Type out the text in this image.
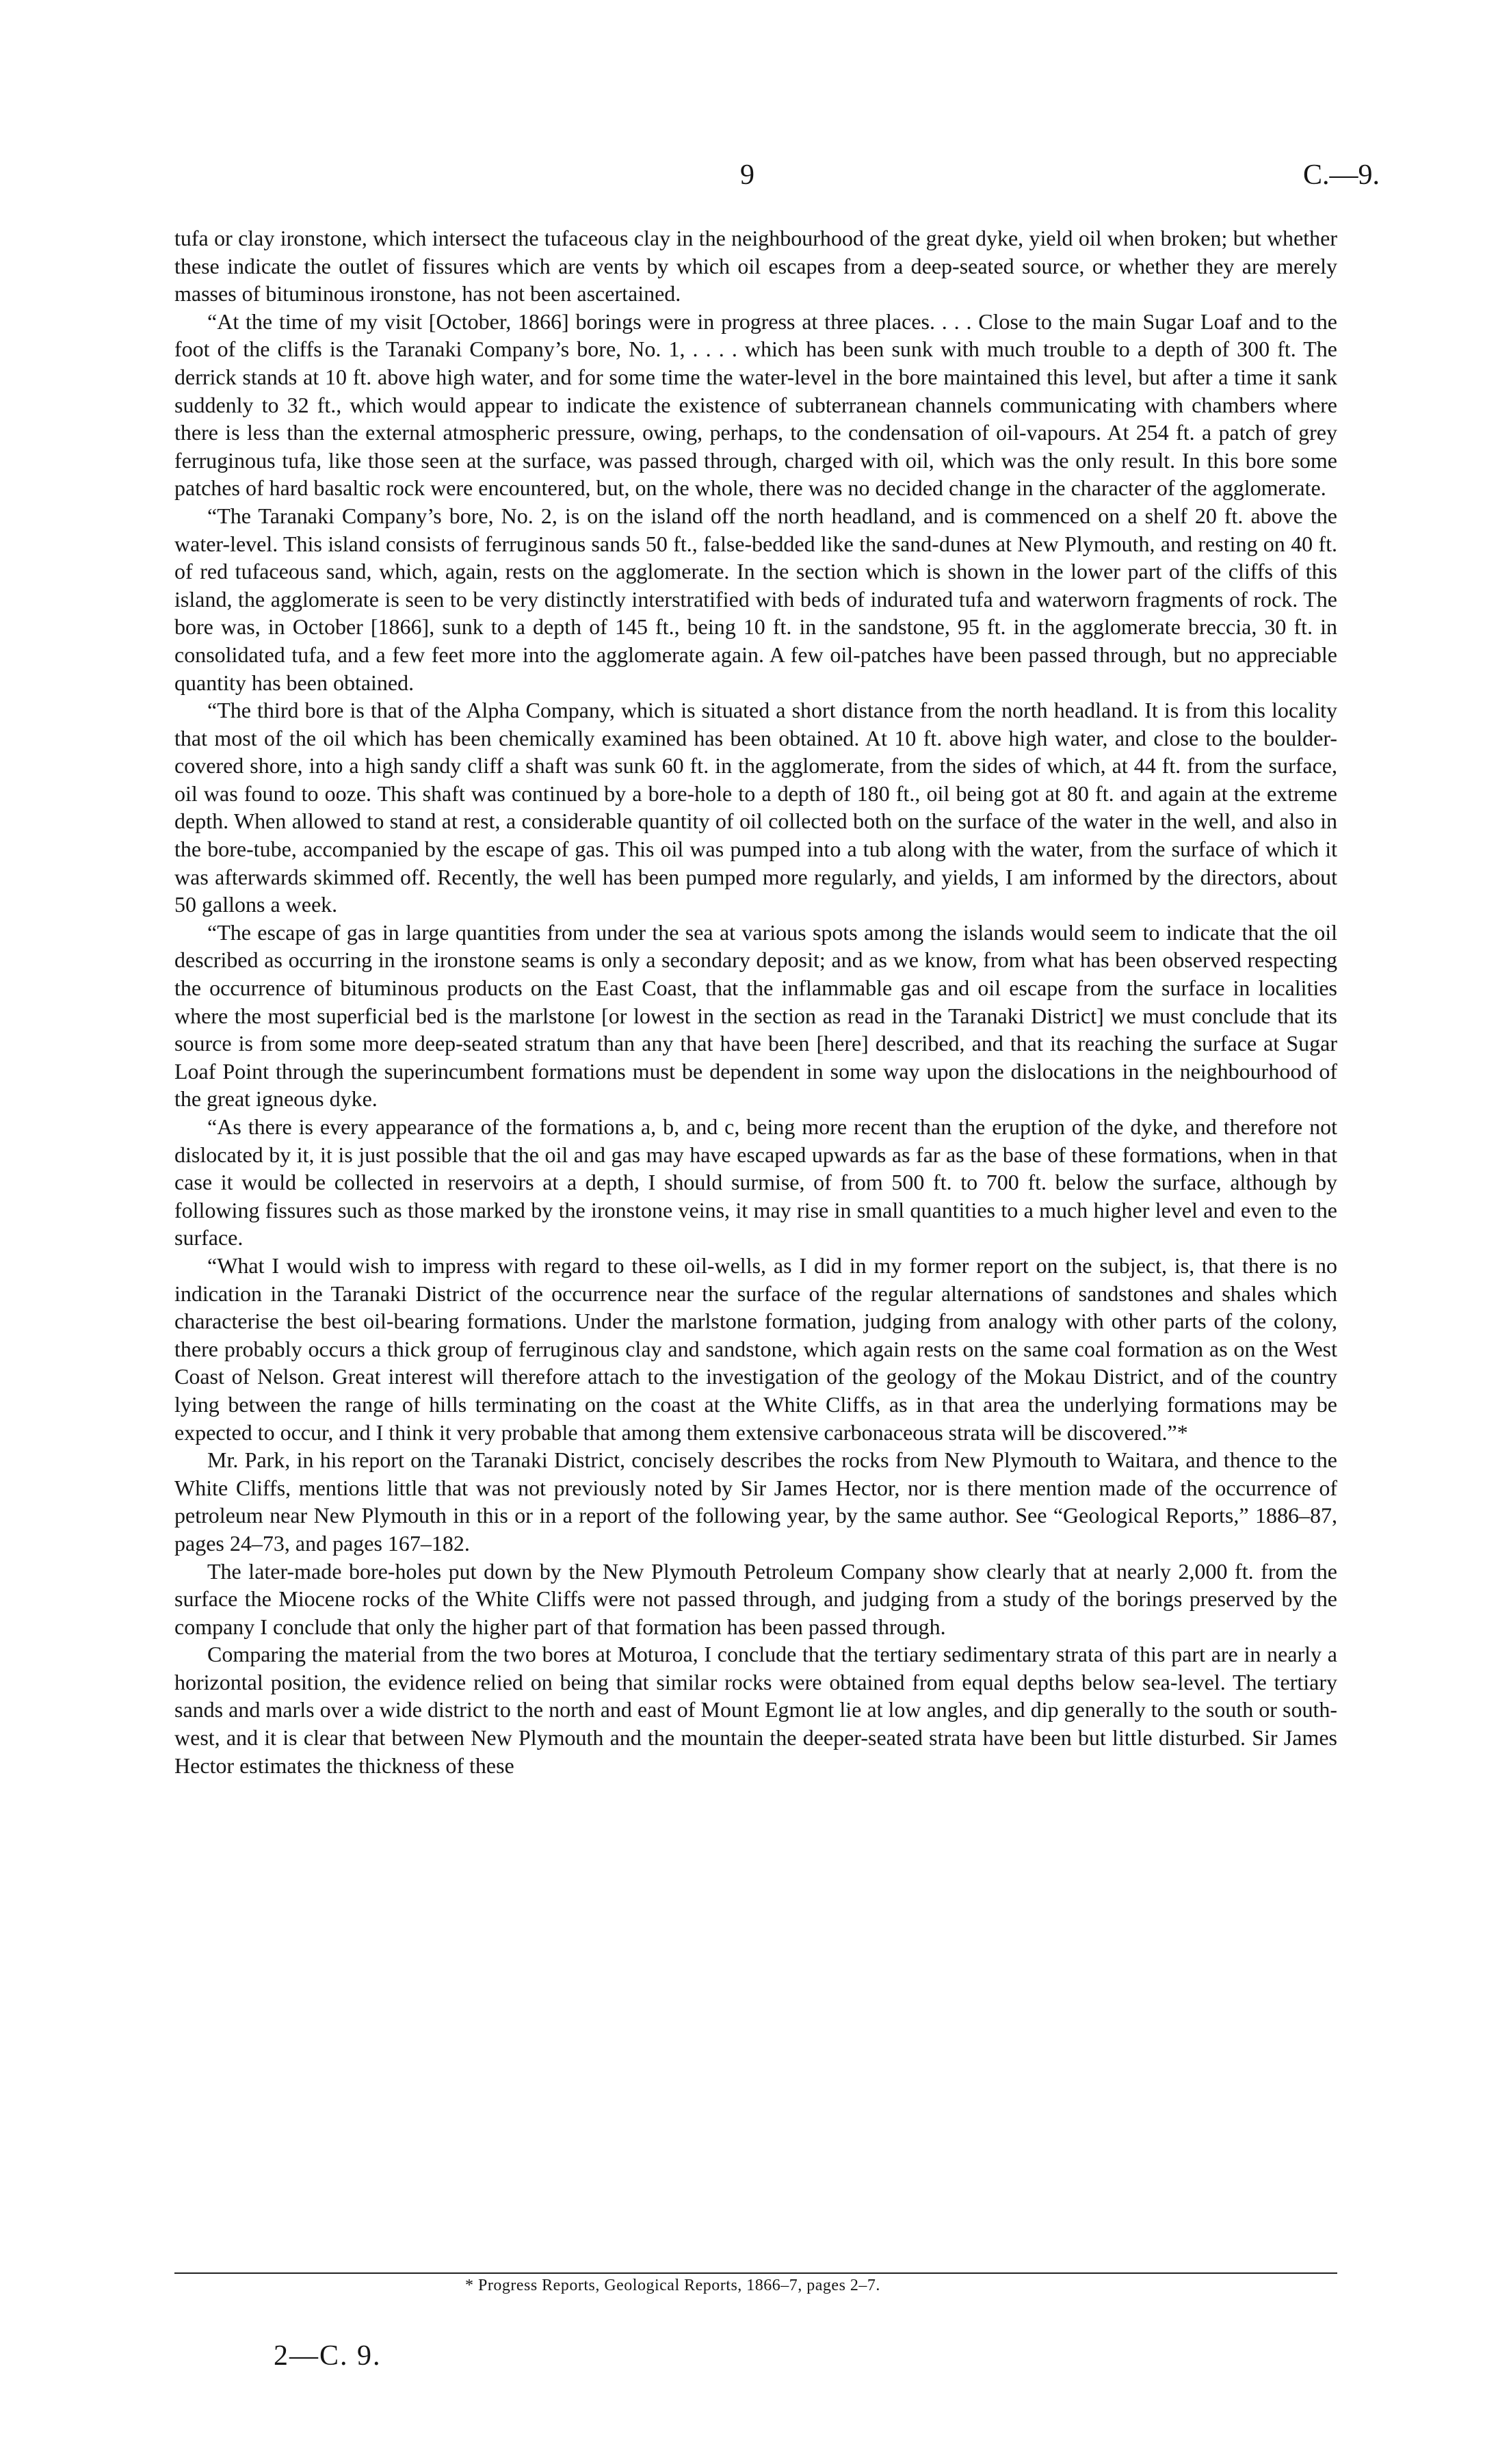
9	C.—9.

tufa or clay ironstone, which intersect the tufaceous clay in the neighbourhood of the great dyke, yield oil when broken; but whether these indicate the outlet of fissures which are vents by which oil escapes from a deep-seated source, or whether they are merely masses of bituminous ironstone, has not been ascertained.

“At the time of my visit [October, 1866] borings were in progress at three places. . . . Close to the main Sugar Loaf and to the foot of the cliffs is the Taranaki Company’s bore, No. 1, . . . . which has been sunk with much trouble to a depth of 300 ft. The derrick stands at 10 ft. above high water, and for some time the water-level in the bore maintained this level, but after a time it sank suddenly to 32 ft., which would appear to indicate the existence of subterranean channels communicating with chambers where there is less than the external atmospheric pressure, owing, perhaps, to the condensation of oil-vapours. At 254 ft. a patch of grey ferruginous tufa, like those seen at the surface, was passed through, charged with oil, which was the only result. In this bore some patches of hard basaltic rock were encountered, but, on the whole, there was no decided change in the character of the agglomerate.

“The Taranaki Company’s bore, No. 2, is on the island off the north headland, and is commenced on a shelf 20 ft. above the water-level. This island consists of ferruginous sands 50 ft., false-bedded like the sand-dunes at New Plymouth, and resting on 40 ft. of red tufaceous sand, which, again, rests on the agglomerate. In the section which is shown in the lower part of the cliffs of this island, the agglomerate is seen to be very distinctly interstratified with beds of indurated tufa and waterworn fragments of rock. The bore was, in October [1866], sunk to a depth of 145 ft., being 10 ft. in the sandstone, 95 ft. in the agglomerate breccia, 30 ft. in consolidated tufa, and a few feet more into the agglomerate again. A few oil-patches have been passed through, but no appreciable quantity has been obtained.

“The third bore is that of the Alpha Company, which is situated a short distance from the north headland. It is from this locality that most of the oil which has been chemically examined has been obtained. At 10 ft. above high water, and close to the boulder-covered shore, into a high sandy cliff a shaft was sunk 60 ft. in the agglomerate, from the sides of which, at 44 ft. from the surface, oil was found to ooze. This shaft was continued by a bore-hole to a depth of 180 ft., oil being got at 80 ft. and again at the extreme depth. When allowed to stand at rest, a considerable quantity of oil collected both on the surface of the water in the well, and also in the bore-tube, accompanied by the escape of gas. This oil was pumped into a tub along with the water, from the surface of which it was afterwards skimmed off. Recently, the well has been pumped more regularly, and yields, I am informed by the directors, about 50 gallons a week.

“The escape of gas in large quantities from under the sea at various spots among the islands would seem to indicate that the oil described as occurring in the ironstone seams is only a secondary deposit; and as we know, from what has been observed respecting the occurrence of bituminous products on the East Coast, that the inflammable gas and oil escape from the surface in localities where the most superficial bed is the marlstone [or lowest in the section as read in the Taranaki District] we must conclude that its source is from some more deep-seated stratum than any that have been [here] described, and that its reaching the surface at Sugar Loaf Point through the superincumbent formations must be dependent in some way upon the dislocations in the neighbourhood of the great igneous dyke.

“As there is every appearance of the formations a, b, and c, being more recent than the eruption of the dyke, and therefore not dislocated by it, it is just possible that the oil and gas may have escaped upwards as far as the base of these formations, when in that case it would be collected in reservoirs at a depth, I should surmise, of from 500 ft. to 700 ft. below the surface, although by following fissures such as those marked by the ironstone veins, it may rise in small quantities to a much higher level and even to the surface.

“What I would wish to impress with regard to these oil-wells, as I did in my former report on the subject, is, that there is no indication in the Taranaki District of the occurrence near the surface of the regular alternations of sandstones and shales which characterise the best oil-bearing formations. Under the marlstone formation, judging from analogy with other parts of the colony, there probably occurs a thick group of ferruginous clay and sandstone, which again rests on the same coal formation as on the West Coast of Nelson. Great interest will therefore attach to the investigation of the geology of the Mokau District, and of the country lying between the range of hills terminating on the coast at the White Cliffs, as in that area the underlying formations may be expected to occur, and I think it very probable that among them extensive carbonaceous strata will be discovered.”*

Mr. Park, in his report on the Taranaki District, concisely describes the rocks from New Plymouth to Waitara, and thence to the White Cliffs, mentions little that was not previously noted by Sir James Hector, nor is there mention made of the occurrence of petroleum near New Plymouth in this or in a report of the following year, by the same author. See “Geological Reports,” 1886–87, pages 24–73, and pages 167–182.

The later-made bore-holes put down by the New Plymouth Petroleum Company show clearly that at nearly 2,000 ft. from the surface the Miocene rocks of the White Cliffs were not passed through, and judging from a study of the borings preserved by the company I conclude that only the higher part of that formation has been passed through.

Comparing the material from the two bores at Moturoa, I conclude that the tertiary sedimentary strata of this part are in nearly a horizontal position, the evidence relied on being that similar rocks were obtained from equal depths below sea-level. The tertiary sands and marls over a wide district to the north and east of Mount Egmont lie at low angles, and dip generally to the south or south-west, and it is clear that between New Plymouth and the mountain the deeper-seated strata have been but little disturbed. Sir James Hector estimates the thickness of these

* Progress Reports, Geological Reports, 1866–7, pages 2–7.
2—C. 9.
